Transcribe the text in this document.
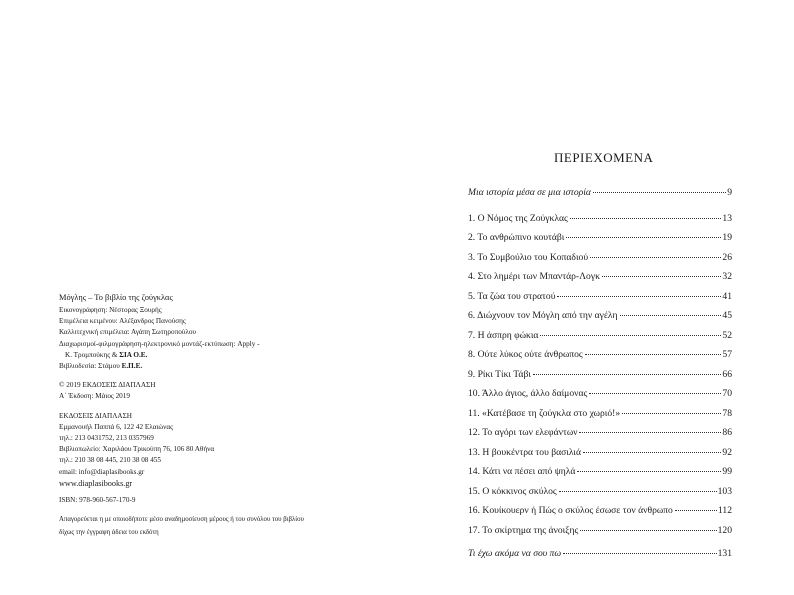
Μόγλης – Το βιβλίο της ζούγκλας
Εικονογράφηση: Νέστορας Ξουρής
Επιμέλεια κειμένου: Αλέξανδρος Πανούσης
Καλλιτεχνική επιμέλεια: Αγάπη Σωτηροπούλου
Διαχωρισμοί-φιλμογράφηση-ηλεκτρονικό μοντάζ-εκτύπωση: Apply -
Κ. Τρομπούκης & ΣΙΑ Ο.Ε.
Βιβλιοδεσία: Στάμου Ε.Π.Ε.
© 2019 ΕΚΔΟΣΕΙΣ ΔΙΑΠΛΑΣΗ
Α΄ Έκδοση: Μάιος 2019
ΕΚΔΟΣΕΙΣ ΔΙΑΠΛΑΣΗ
Εμμανουήλ Παππά 6, 122 42 Ελαιώνας
τηλ.: 213 0431752, 213 0357969
Βιβλιοπωλείο: Χαριλάου Τρικούπη 76, 106 80 Αθήνα
τηλ.: 210 38 08 445, 210 38 08 455
email: info@diaplasibooks.gr
www.diaplasibooks.gr
ISBN: 978-960-567-170-9
Απαγορεύεται η με οποιοδήποτε μέσο αναδημοσίευση μέρους ή του συνόλου του βιβλίου
δίχως την έγγραφη άδεια του εκδότη
ΠΕΡΙΕΧΟΜΕΝΑ
Μια ιστορία μέσα σε μια ιστορία	9
1. Ο Νόμος της Ζούγκλας	13
2. Το ανθρώπινο κουτάβι	19
3. Το Συμβούλιο του Κοπαδιού	26
4. Στο λημέρι των Μπαντάρ-Λογκ	32
5. Τα ζώα του στρατού	41
6. Διώχνουν τον Μόγλη από την αγέλη	45
7. Η άσπρη φώκια	52
8. Ούτε λύκος ούτε άνθρωπος	57
9. Ρίκι Τίκι Τάβι	66
10. Άλλο άγιος, άλλο δαίμονας	70
11. «Κατέβασε τη ζούγκλα στο χωριό!»	78
12. Το αγόρι των ελεφάντων	86
13. Η βουκέντρα του βασιλιά	92
14. Κάτι να πέσει από ψηλά	99
15. Ο κόκκινος σκύλος	103
16. Κουίκουερν ή Πώς ο σκύλος έσωσε τον άνθρωπο	112
17. Το σκίρτημα της άνοιξης	120
Τι έχω ακόμα να σου πω	131
